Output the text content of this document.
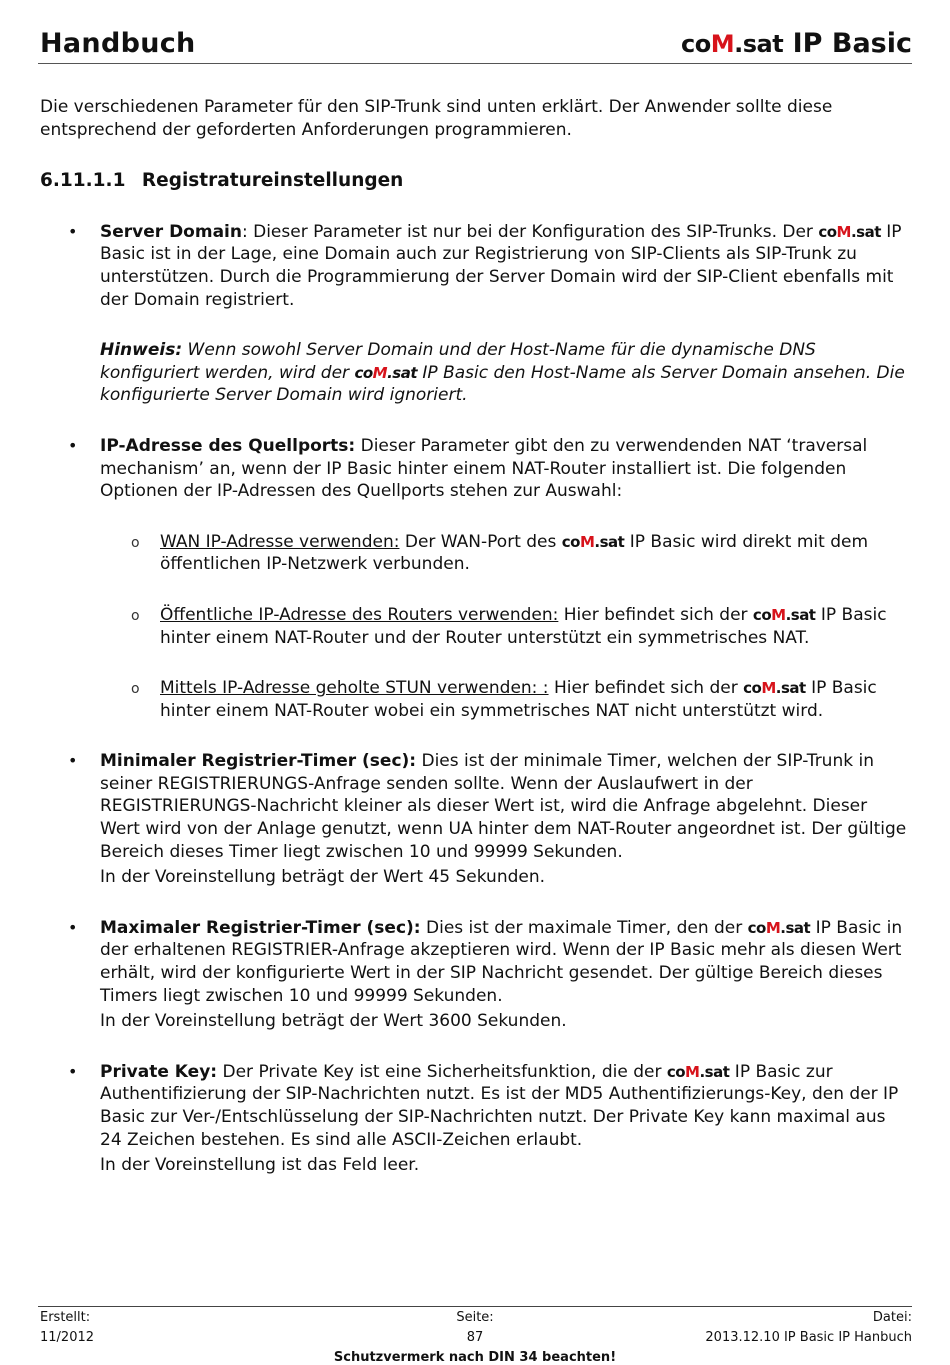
Handbuch	coM.sat IP Basic

Die verschiedenen Parameter für den SIP-Trunk sind unten erklärt. Der Anwender sollte diese entsprechend der geforderten Anforderungen programmieren.

6.11.1.1 Registratureinstellungen
• Server Domain: Dieser Parameter ist nur bei der Konfiguration des SIP-Trunks. Der coM.sat IP Basic ist in der Lage, eine Domain auch zur Registrierung von SIP-Clients als SIP-Trunk zu unterstützen. Durch die Programmierung der Server Domain wird der SIP-Client ebenfalls mit der Domain registriert.

Hinweis: Wenn sowohl Server Domain und der Host-Name für die dynamische DNS konfiguriert werden, wird der coM.sat IP Basic den Host-Name als Server Domain ansehen. Die konfigurierte Server Domain wird ignoriert.

• IP-Adresse des Quellports: Dieser Parameter gibt den zu verwendenden NAT ‘traversal mechanism’ an, wenn der IP Basic hinter einem NAT-Router installiert ist. Die folgenden Optionen der IP-Adressen des Quellports stehen zur Auswahl:

o WAN IP-Adresse verwenden: Der WAN-Port des coM.sat IP Basic wird direkt mit dem öffentlichen IP-Netzwerk verbunden.
o Öffentliche IP-Adresse des Routers verwenden: Hier befindet sich der coM.sat IP Basic hinter einem NAT-Router und der Router unterstützt ein symmetrisches NAT.
o Mittels IP-Adresse geholte STUN verwenden: : Hier befindet sich der coM.sat IP Basic hinter einem NAT-Router wobei ein symmetrisches NAT nicht unterstützt wird.
• Minimaler Registrier-Timer (sec): Dies ist der minimale Timer, welchen der SIP-Trunk in seiner REGISTRIERUNGS-Anfrage senden sollte. Wenn der Auslaufwert in der REGISTRIERUNGS-Nachricht kleiner als dieser Wert ist, wird die Anfrage abgelehnt. Dieser Wert wird von der Anlage genutzt, wenn UA hinter dem NAT-Router angeordnet ist. Der gültige Bereich dieses Timer liegt zwischen 10 und 99999 Sekunden.

In der Voreinstellung beträgt der Wert 45 Sekunden.

• Maximaler Registrier-Timer (sec): Dies ist der maximale Timer, den der coM.sat IP Basic in der erhaltenen REGISTRIER-Anfrage akzeptieren wird. Wenn der IP Basic mehr als diesen Wert erhält, wird der konfigurierte Wert in der SIP Nachricht gesendet. Der gültige Bereich dieses Timers liegt zwischen 10 und 99999 Sekunden.

In der Voreinstellung beträgt der Wert 3600 Sekunden.

• Private Key: Der Private Key ist eine Sicherheitsfunktion, die der coM.sat IP Basic zur Authentifizierung der SIP-Nachrichten nutzt. Es ist der MD5 Authentifizierungs-Key, den der IP Basic zur Ver-/Entschlüsselung der SIP-Nachrichten nutzt. Der Private Key kann maximal aus 24 Zeichen bestehen. Es sind alle ASCII-Zeichen erlaubt.

In der Voreinstellung ist das Feld leer.

Erstellt:	Seite:	Datei:
11/2012	87	2013.12.10 IP Basic IP Hanbuch
Schutzvermerk nach DIN 34 beachten!
